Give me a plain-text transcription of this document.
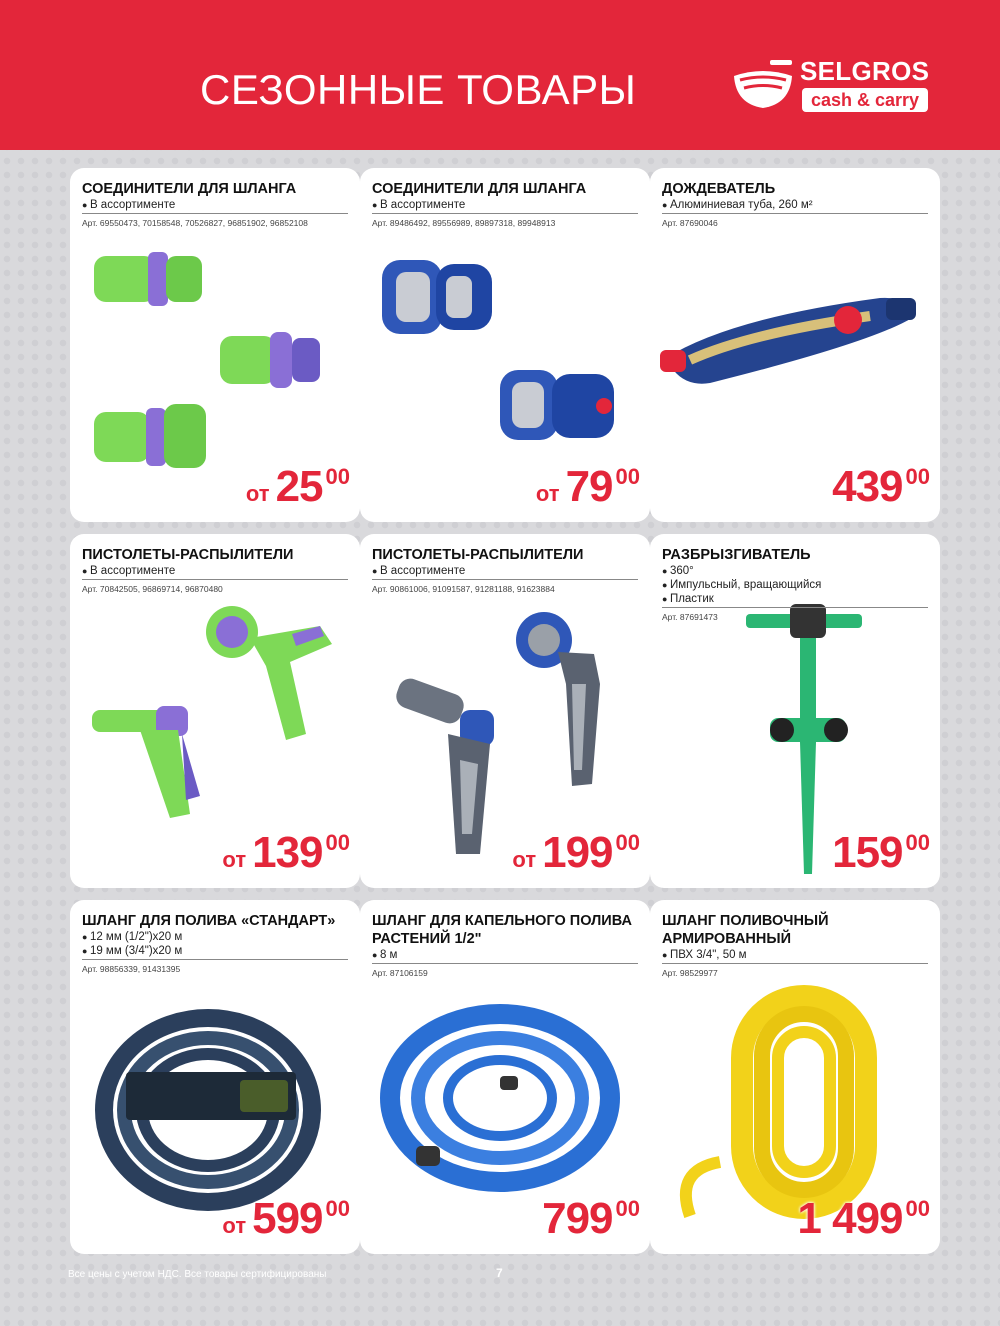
СЕЗОННЫЕ ТОВАРЫ	SELGROS
cash & carry
СОЕДИНИТЕЛИ ДЛЯ ШЛАНГА
● В ассортименте
Арт. 69550473, 70158548, 70526827, 96851902, 96852108
от 25 00
СОЕДИНИТЕЛИ ДЛЯ ШЛАНГА
● В ассортименте
Арт. 89486492, 89556989, 89897318, 89948913
от 79 00
ДОЖДЕВАТЕЛЬ
● Алюминиевая туба, 260 м²
Арт. 87690046
439 00
ПИСТОЛЕТЫ-РАСПЫЛИТЕЛИ
● В ассортименте
Арт. 70842505, 96869714, 96870480
от 139 00
ПИСТОЛЕТЫ-РАСПЫЛИТЕЛИ
● В ассортименте
Арт. 90861006, 91091587, 91281188, 91623884
от 199 00
РАЗБРЫЗГИВАТЕЛЬ
● 360°
● Импульсный, вращающийся
● Пластик
Арт. 87691473
159 00
ШЛАНГ ДЛЯ ПОЛИВА «СТАНДАРТ»
● 12 мм (1/2")х20 м
● 19 мм (3/4")х20 м
Арт. 98856339, 91431395
от 599 00
ШЛАНГ ДЛЯ КАПЕЛЬНОГО ПОЛИВА РАСТЕНИЙ 1/2"
● 8 м
Арт. 87106159
799 00
ШЛАНГ ПОЛИВОЧНЫЙ АРМИРОВАННЫЙ
● ПВХ 3/4", 50 м
Арт. 98529977
1 499 00
Все цены с учетом НДС. Все товары сертифицированы	7
